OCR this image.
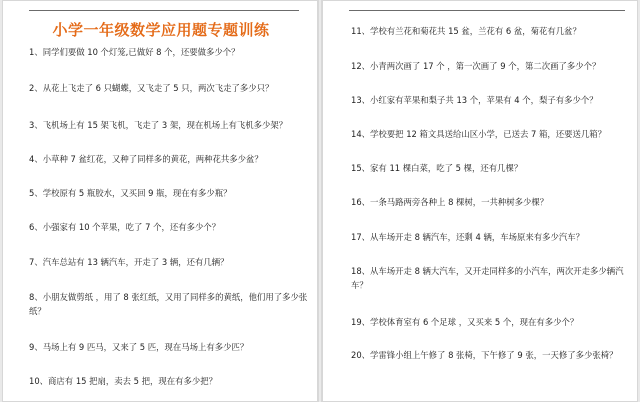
小学一年级数学应用题专题训练
1、同学们要做 10 个灯笼,已做好 8 个，还要做多少个？
2、从花上飞走了 6 只蝴蝶，又飞走了 5 只，两次飞走了多少只？
3、飞机场上有 15 架飞机，飞走了 3 架，现在机场上有飞机多少架？
4、小草种 7 盆红花，又种了同样多的黄花，两种花共多少盆？
5、学校原有 5 瓶胶水，又买回 9 瓶，现在有多少瓶？
6、小强家有 10 个苹果，吃了 7 个，还有多少个？
7、汽车总站有 13 辆汽车，开走了 3 辆，还有几辆？
8、小朋友做剪纸 ，用了 8 张红纸，又用了同样多的黄纸，他们用了多少张纸？
9、马场上有 9 匹马，又来了 5 匹，现在马场上有多少匹？
10、商店有 15 把扇，卖去 5 把，现在有多少把？
11、学校有兰花和菊花共 15 盆，兰花有 6 盆，菊花有几盆？
12、小青两次画了 17 个 ，第一次画了 9 个，第二次画了多少个？
13、小红家有苹果和梨子共 13 个，苹果有 4 个，梨子有多少个？
14、学校要把 12 箱文具送给山区小学，已送去 7 箱，还要送几箱？
15、家有 11 棵白菜，吃了 5 棵，还有几棵？
16、一条马路两旁各种上 8 棵树，一共种树多少棵？
17、从车场开走 8 辆汽车，还剩 4 辆，车场原来有多少汽车？
18、从车场开走 8 辆大汽车，又开走同样多的小汽车，两次开走多少辆汽车？
19、学校体育室有 6 个足球 ，又买来 5 个，现在有多少个？
20、学雷锋小组上午修了 8 张椅，下午修了 9 张，一天修了多少张椅？
